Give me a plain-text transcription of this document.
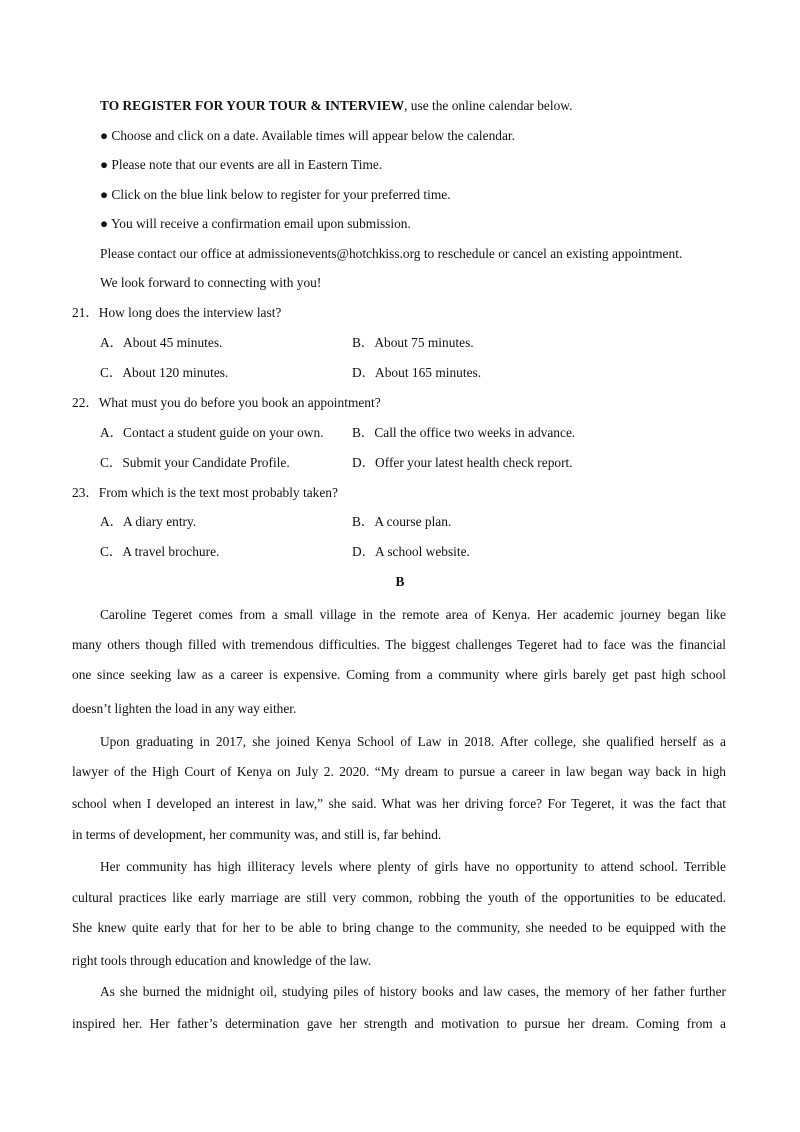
TO REGISTER FOR YOUR TOUR & INTERVIEW, use the online calendar below.
● Choose and click on a date. Available times will appear below the calendar.
● Please note that our events are all in Eastern Time.
● Click on the blue link below to register for your preferred time.
● You will receive a confirmation email upon submission.
Please contact our office at admissionevents@hotchkiss.org to reschedule or cancel an existing appointment.
We look forward to connecting with you!
21．How long does the interview last?
A．About 45 minutes.	B．About 75 minutes.
C．About 120 minutes.	D．About 165 minutes.
22．What must you do before you book an appointment?
A．Contact a student guide on your own. B．Call the office two weeks in advance.
C．Submit your Candidate Profile.	D．Offer your latest health check report.
23．From which is the text most probably taken?
A．A diary entry.	B．A course plan.
C．A travel brochure.	D．A school website.
B
Caroline Tegeret comes from a small village in the remote area of Kenya. Her academic journey began like
many others though filled with tremendous difficulties. The biggest challenges Tegeret had to face was the financial
one since seeking law as a career is expensive. Coming from a community where girls barely get past high school
doesn’t lighten the load in any way either.
Upon graduating in 2017, she joined Kenya School of Law in 2018. After college, she qualified herself as a
lawyer of the High Court of Kenya on July 2. 2020. “My dream to pursue a career in law began way back in high
school when I developed an interest in law,” she said. What was her driving force? For Tegeret, it was the fact that
in terms of development, her community was, and still is, far behind.
Her community has high illiteracy levels where plenty of girls have no opportunity to attend school. Terrible
cultural practices like early marriage are still very common, robbing the youth of the opportunities to be educated.
She knew quite early that for her to be able to bring change to the community, she needed to be equipped with the
right tools through education and knowledge of the law.
As she burned the midnight oil, studying piles of history books and law cases, the memory of her father further
inspired her. Her father’s determination gave her strength and motivation to pursue her dream. Coming from a
